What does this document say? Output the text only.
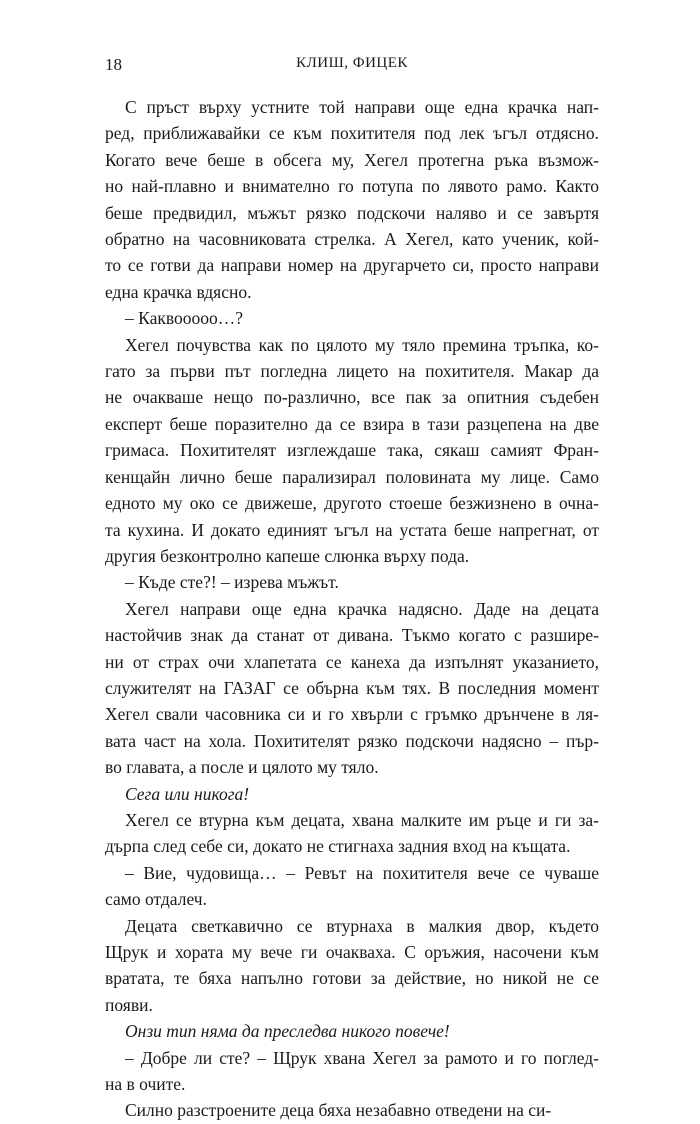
18	КЛИШ, ФИЦЕК

С пръст върху устните той направи още една крачка нап-
ред, приближавайки се към похитителя под лек ъгъл отдясно.
Когато вече беше в обсега му, Хегел протегна ръка възмож-
но най-плавно и внимателно го потупа по лявото рамо. Както
беше предвидил, мъжът рязко подскочи наляво и се завъртя
обратно на часовниковата стрелка. А Хегел, като ученик, кой-
то се готви да направи номер на другарчето си, просто направи
една крачка вдясно.

– Каквооооо…?

Хегел почувства как по цялото му тяло премина тръпка, ко-
гато за първи път погледна лицето на похитителя. Макар да
не очакваше нещо по-различно, все пак за опитния съдебен
експерт беше поразително да се взира в тази разцепена на две
гримаса. Похитителят изглеждаше така, сякаш самият Фран-
кенщайн лично беше парализирал половината му лице. Само
едното му око се движеше, другото стоеше безжизнено в очна-
та кухина. И докато единият ъгъл на устата беше напрегнат, от
другия безконтролно капеше слюнка върху пода.

– Къде сте?! – изрева мъжът.

Хегел направи още една крачка надясно. Даде на децата
настойчив знак да станат от дивана. Тъкмо когато с разшире-
ни от страх очи хлапетата се канеха да изпълнят указанието,
служителят на ГАЗАГ се обърна към тях. В последния момент
Хегел свали часовника си и го хвърли с гръмко дрънчене в ля-
вата част на хола. Похитителят рязко подскочи надясно – пър-
во главата, а после и цялото му тяло.

Сега или никога!

Хегел се втурна към децата, хвана малките им ръце и ги за-
дърпа след себе си, докато не стигнаха задния вход на къщата.

– Вие, чудовища… – Ревът на похитителя вече се чуваше
само отдалеч.

Децата светкавично се втурнаха в малкия двор, където
Щрук и хората му вече ги очакваха. С оръжия, насочени към
вратата, те бяха напълно готови за действие, но никой не се
появи.

Онзи тип няма да преследва никого повече!

– Добре ли сте? – Щрук хвана Хегел за рамото и го поглед-
на в очите.

Силно разстроените деца бяха незабавно отведени на си-
